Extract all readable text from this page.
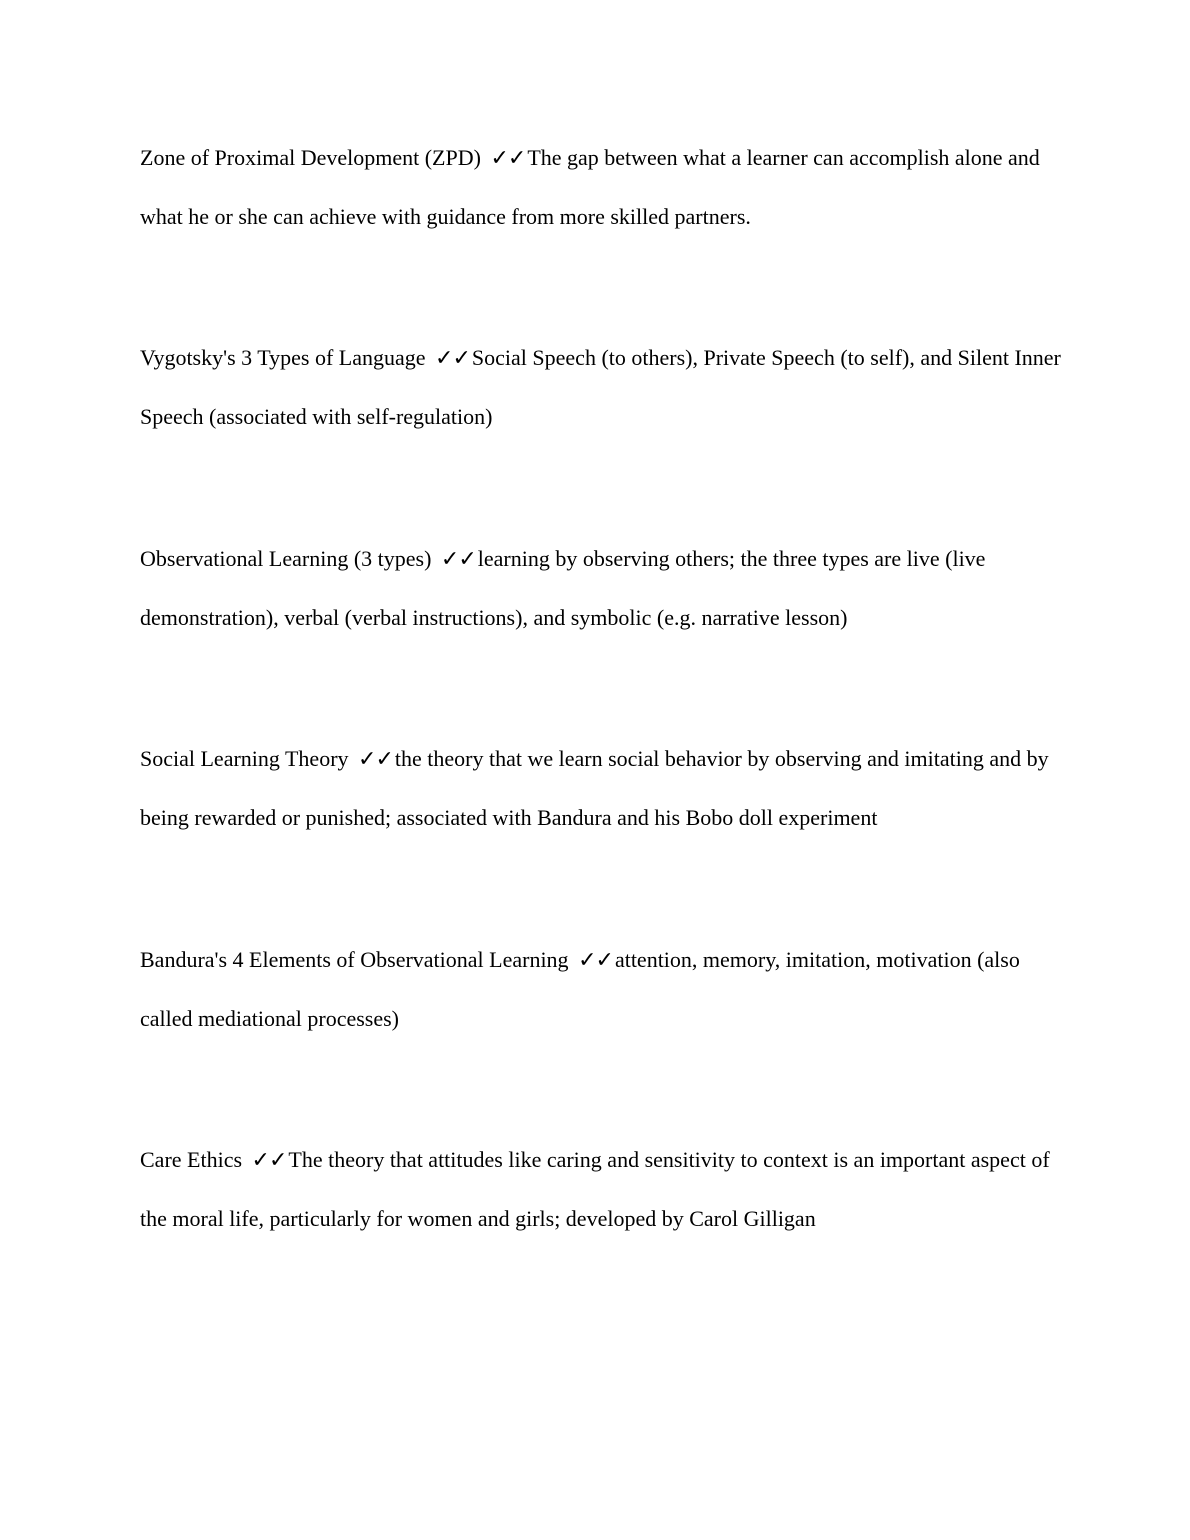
Zone of Proximal Development (ZPD) ✓✓The gap between what a learner can accomplish alone and what he or she can achieve with guidance from more skilled partners.

Vygotsky's 3 Types of Language ✓✓Social Speech (to others), Private Speech (to self), and Silent Inner Speech (associated with self-regulation)

Observational Learning (3 types) ✓✓learning by observing others; the three types are live (live demonstration), verbal (verbal instructions), and symbolic (e.g. narrative lesson)

Social Learning Theory ✓✓the theory that we learn social behavior by observing and imitating and by being rewarded or punished; associated with Bandura and his Bobo doll experiment

Bandura's 4 Elements of Observational Learning ✓✓attention, memory, imitation, motivation (also called mediational processes)

Care Ethics ✓✓The theory that attitudes like caring and sensitivity to context is an important aspect of the moral life, particularly for women and girls; developed by Carol Gilligan
